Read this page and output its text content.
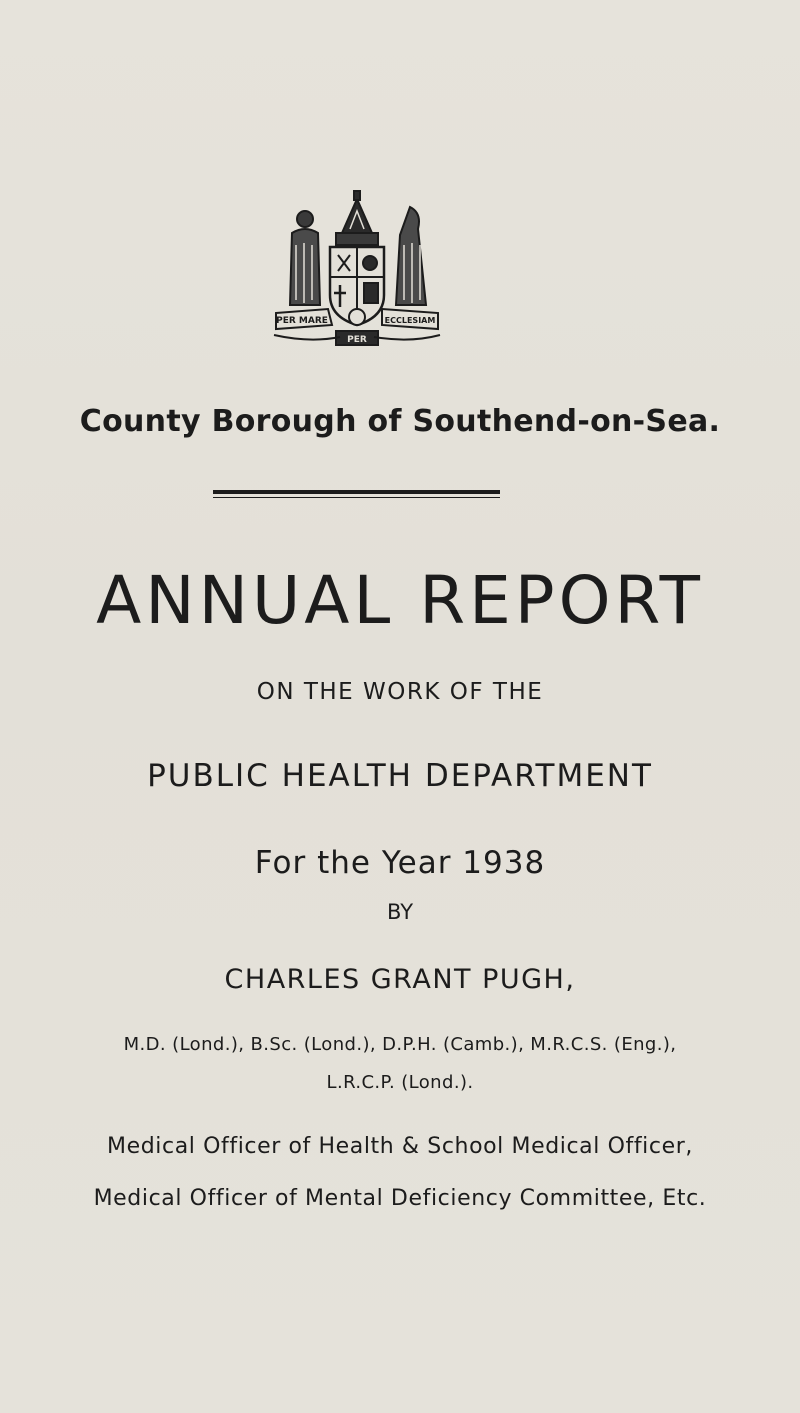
PER MARE	ECCLESIAM
PER
County Borough of Southend-on-Sea.
ANNUAL REPORT
ON THE WORK OF THE
PUBLIC HEALTH DEPARTMENT
For the Year 1938
BY
CHARLES GRANT PUGH,
M.D. (Lond.), B.Sc. (Lond.), D.P.H. (Camb.), M.R.C.S. (Eng.),
L.R.C.P. (Lond.).
Medical Officer of Health & School Medical Officer,
Medical Officer of Mental Deficiency Committee, Etc.
